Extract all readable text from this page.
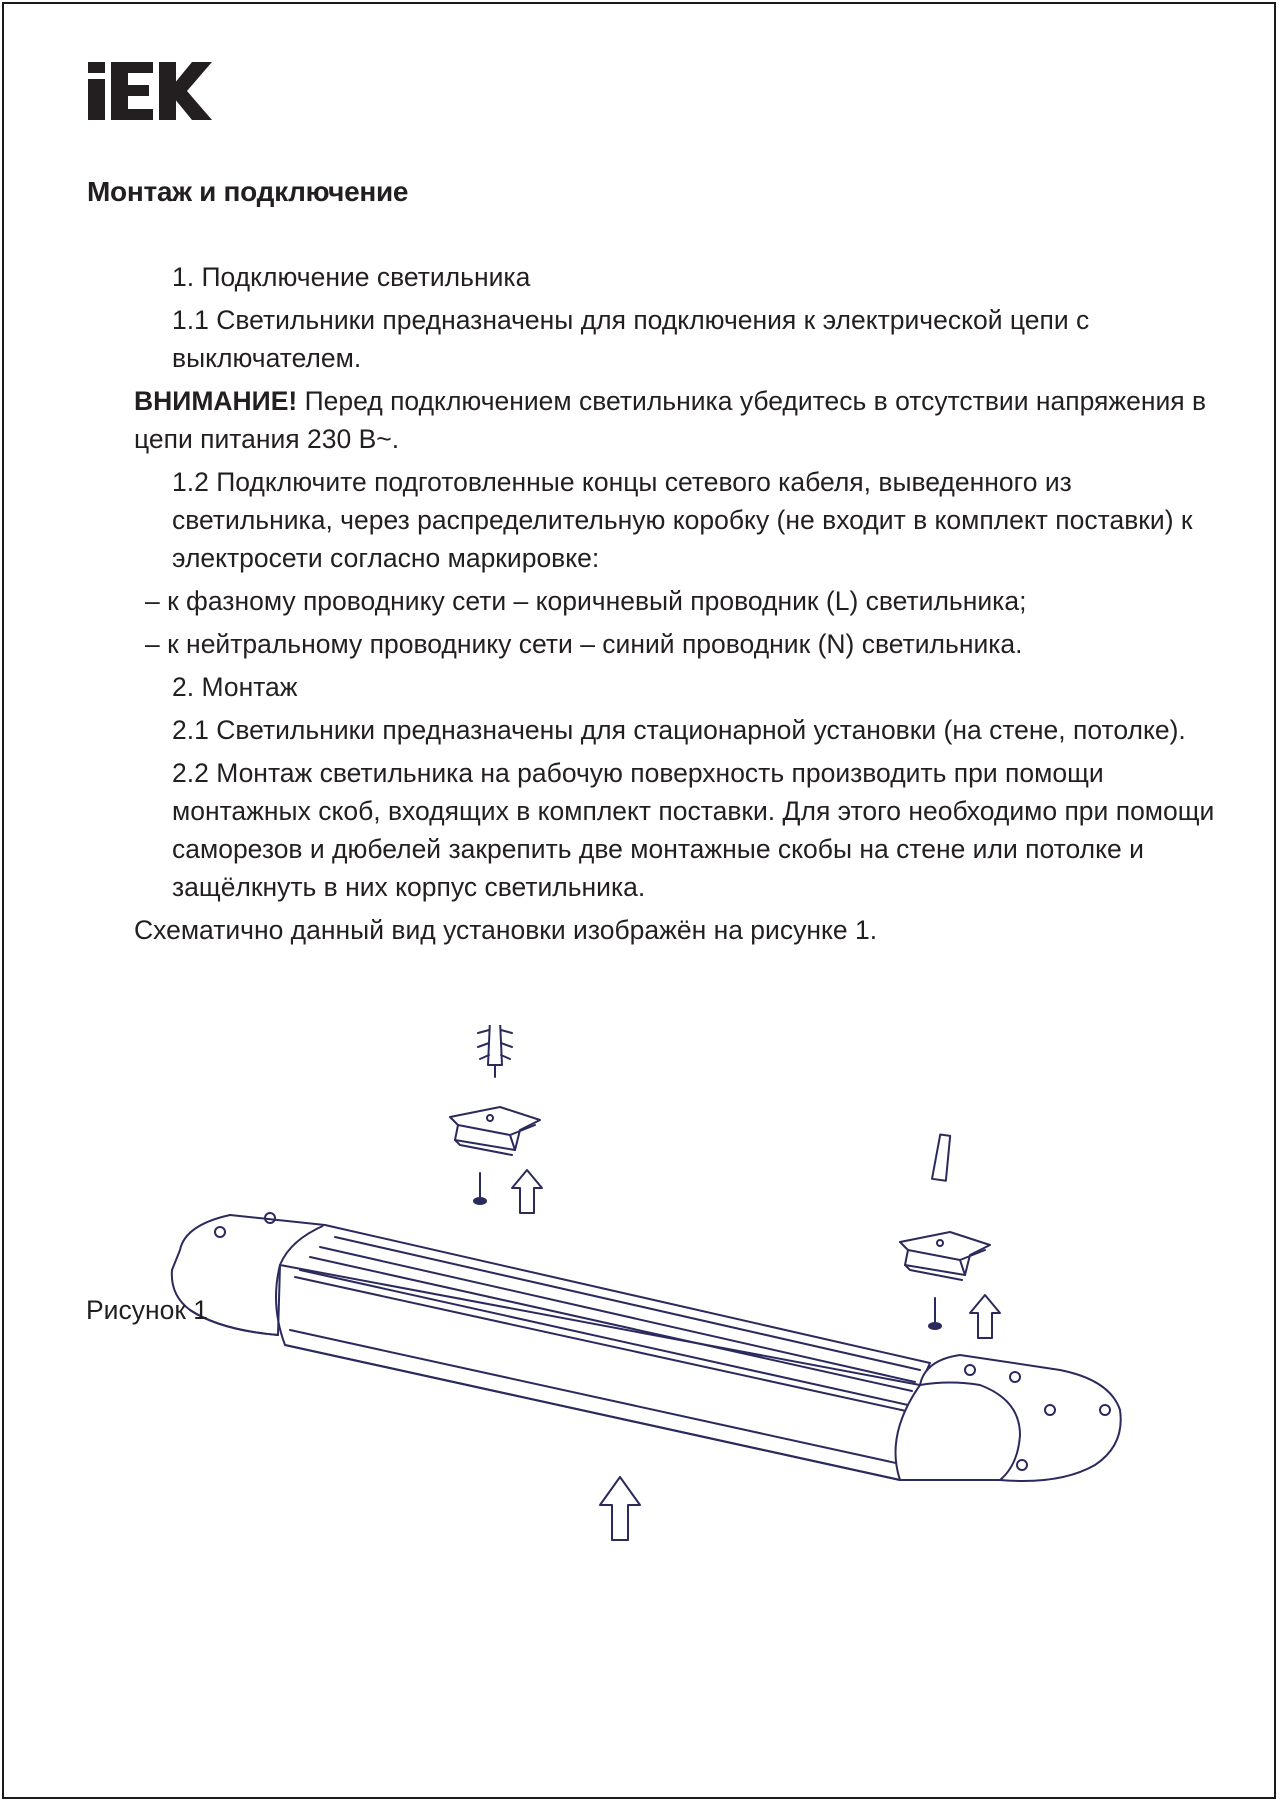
Монтаж и подключение

1. Подключение светильника

1.1 Светильники предназначены для подключения к электрической цепи с выключателем.

ВНИМАНИЕ! Перед подключением светильника убедитесь в отсутствии напряжения в цепи питания 230 В~.

1.2 Подключите подготовленные концы сетевого кабеля, выведенного из светильника, через распределительную коробку (не входит в комплект поставки) к электросети согласно маркировке:

– к фазному проводнику сети – коричневый проводник (L) светильника;

– к нейтральному проводнику сети – синий проводник (N) светильника.

2. Монтаж

2.1 Светильники предназначены для стационарной установки (на стене, потолке).

2.2 Монтаж светильника на рабочую поверхность производить при помощи монтажных скоб, входящих в комплект поставки. Для этого необходимо при помощи саморезов и дюбелей закрепить две монтажные скобы на стене или потолке и защёлкнуть в них корпус светильника.

Схематично данный вид установки изображён на рисунке 1.

Рисунок 1
